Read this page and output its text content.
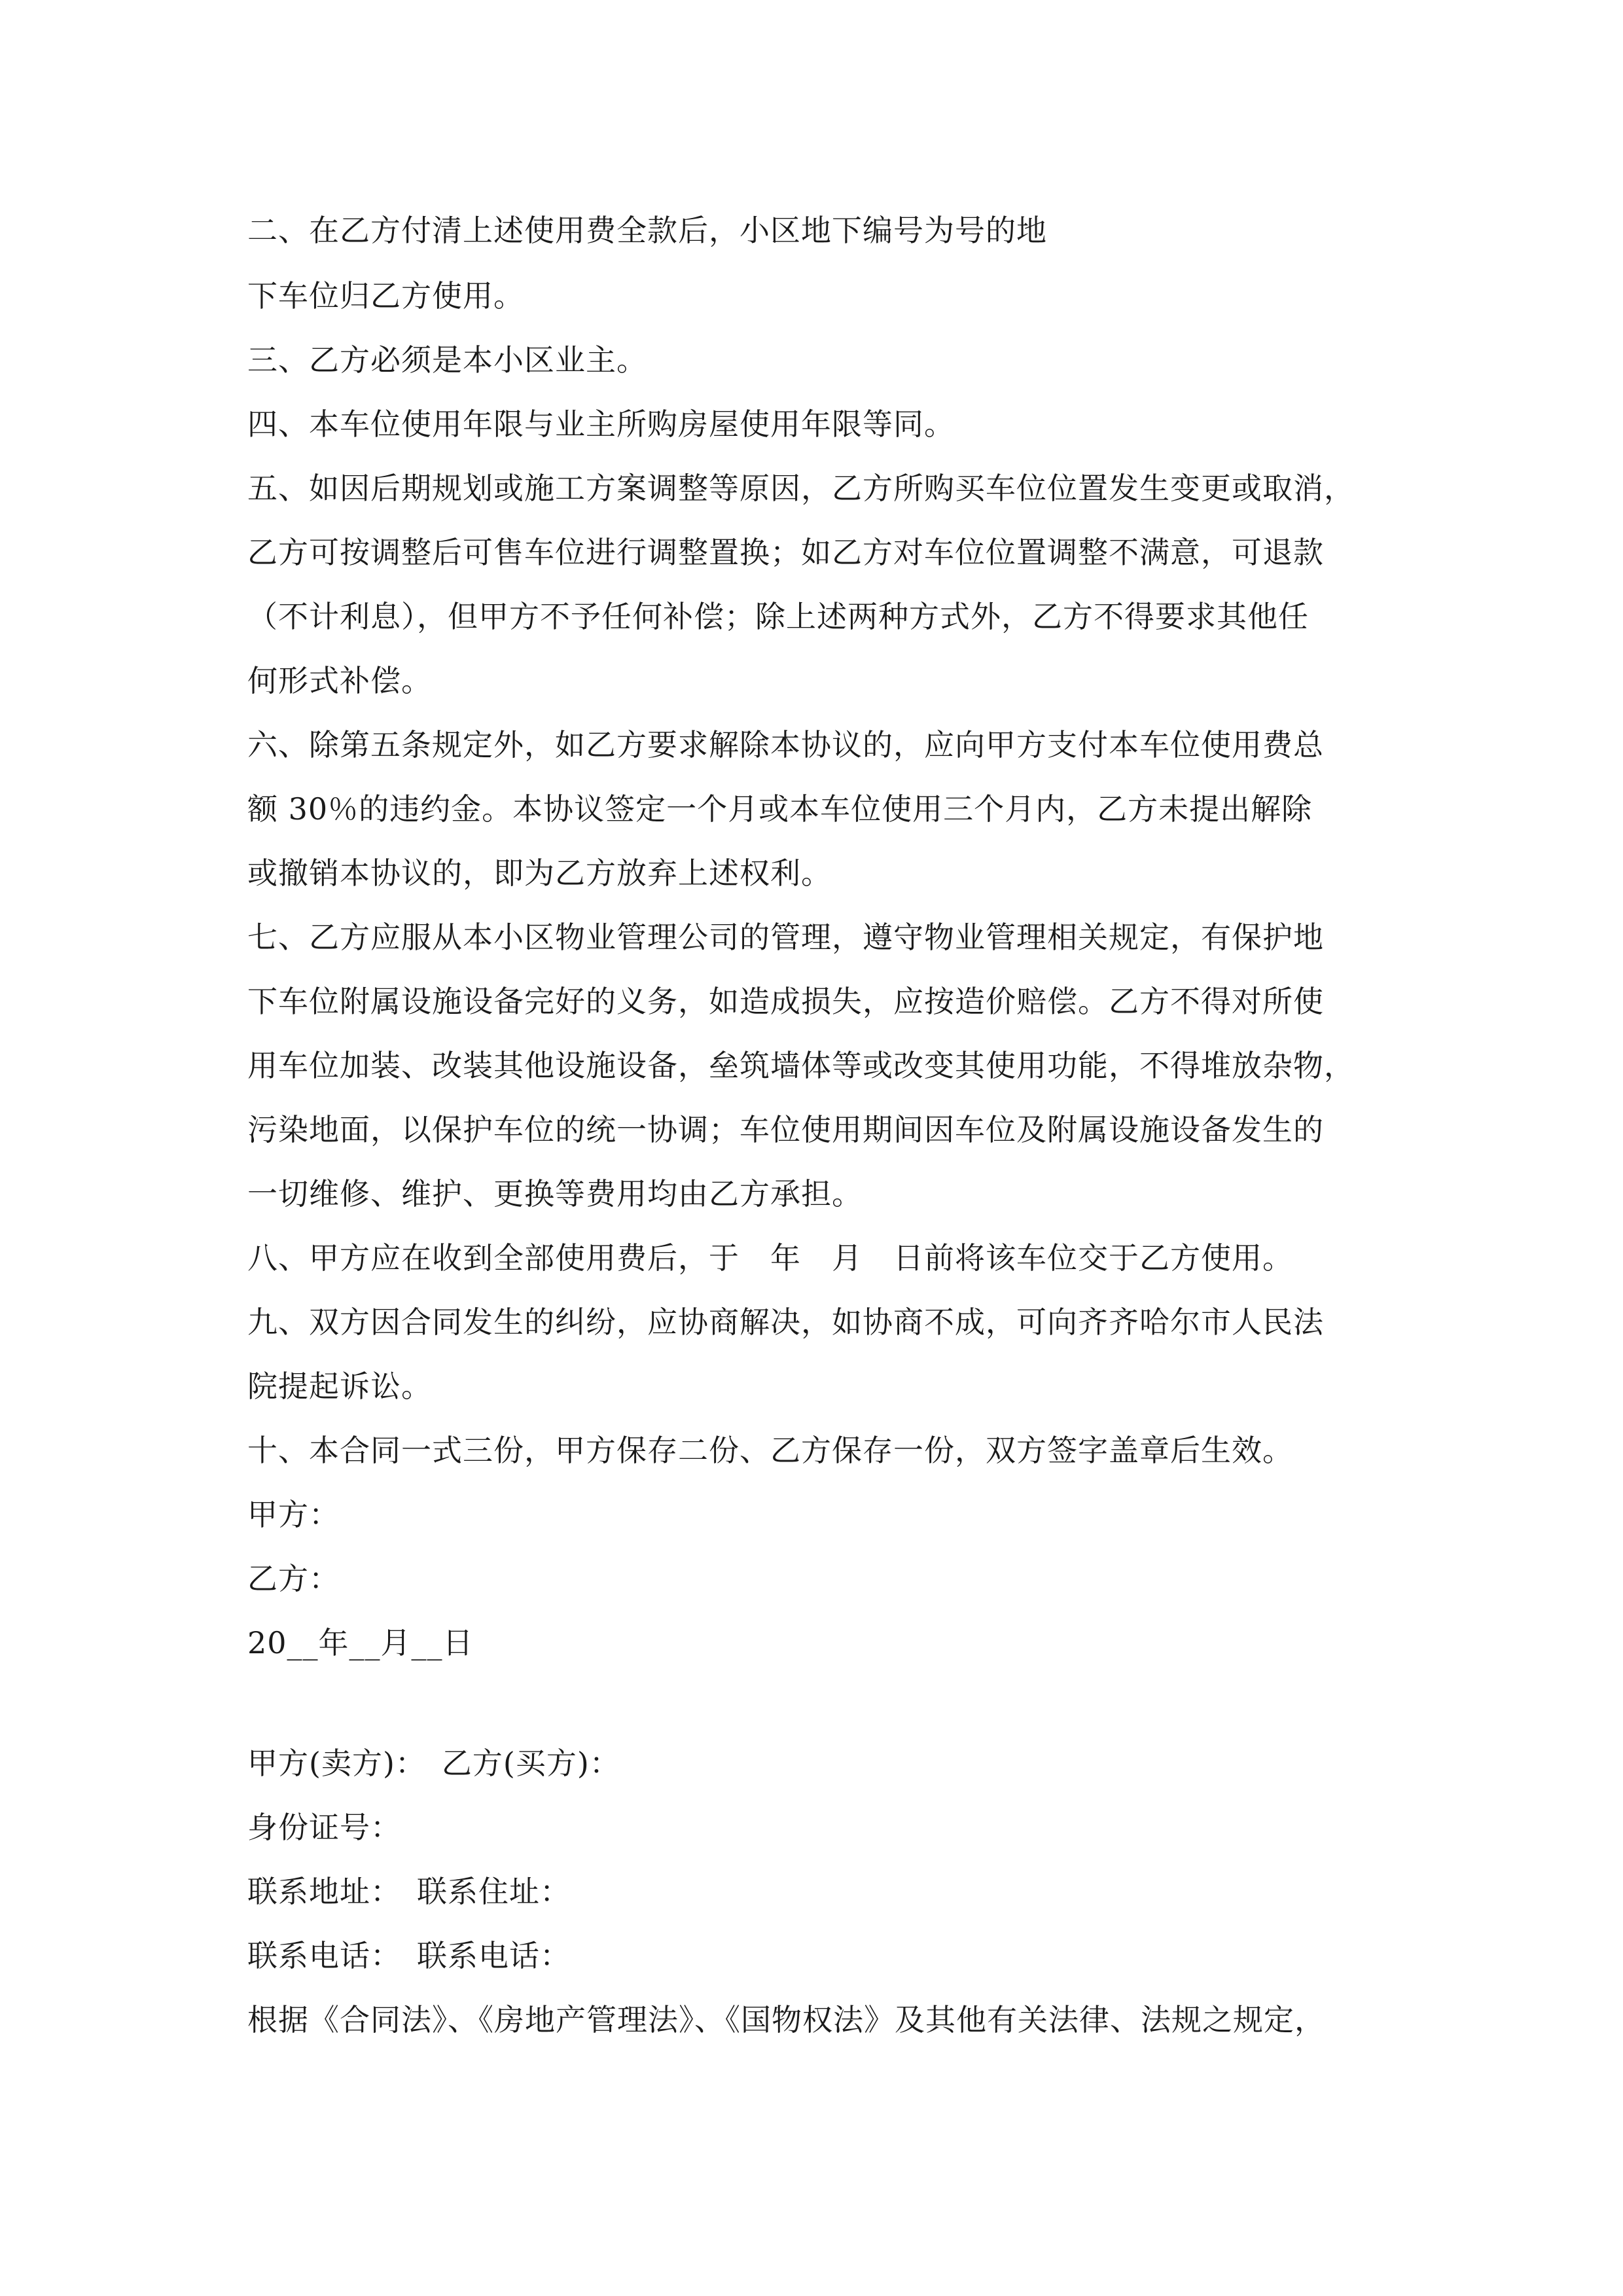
二、在乙方付清上述使用费全款后，小区地下编号为号的地
下车位归乙方使用。
三、乙方必须是本小区业主。
四、本车位使用年限与业主所购房屋使用年限等同。
五、如因后期规划或施工方案调整等原因，乙方所购买车位位置发生变更或取消，
乙方可按调整后可售车位进行调整置换；如乙方对车位位置调整不满意，可退款
（不计利息），但甲方不予任何补偿；除上述两种方式外，乙方不得要求其他任
何形式补偿。
六、除第五条规定外，如乙方要求解除本协议的，应向甲方支付本车位使用费总
额 30％的违约金。本协议签定一个月或本车位使用三个月内，乙方未提出解除
或撤销本协议的，即为乙方放弃上述权利。
七、乙方应服从本小区物业管理公司的管理，遵守物业管理相关规定，有保护地
下车位附属设施设备完好的义务，如造成损失，应按造价赔偿。乙方不得对所使
用车位加装、改装其他设施设备，垒筑墙体等或改变其使用功能，不得堆放杂物，
污染地面，以保护车位的统一协调；车位使用期间因车位及附属设施设备发生的
一切维修、维护、更换等费用均由乙方承担。
八、甲方应在收到全部使用费后，于　年　月　日前将该车位交于乙方使用。
九、双方因合同发生的纠纷，应协商解决，如协商不成，可向齐齐哈尔市人民法
院提起诉讼。
十、本合同一式三份，甲方保存二份、乙方保存一份，双方签字盖章后生效。
甲方：
乙方：
20__年__月__日
甲方(卖方)：　乙方(买方)：
身份证号：
联系地址：　联系住址：
联系电话：　联系电话：
根据《合同法》、《房地产管理法》、《国物权法》及其他有关法律、法规之规定，
